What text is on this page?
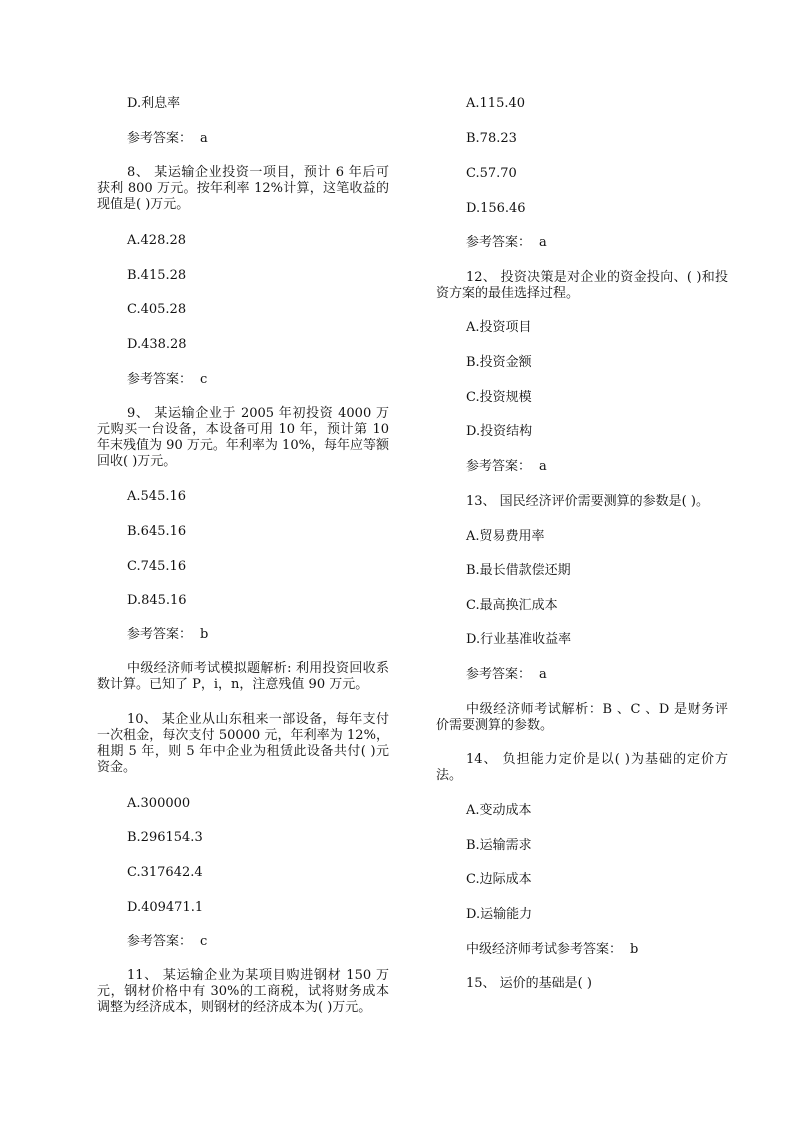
D.利息率
参考答案： a
8、 某运输企业投资一项目，预计 6 年后可获利 800 万元。按年利率 12%计算，这笔收益的现值是( )万元。
A.428.28
B.415.28
C.405.28
D.438.28
参考答案： c
9、 某运输企业于 2005 年初投资 4000 万元购买一台设备，本设备可用 10 年，预计第 10 年末残值为 90 万元。年利率为 10%，每年应等额回收( )万元。
A.545.16
B.645.16
C.745.16
D.845.16
参考答案： b
中级经济师考试模拟题解析: 利用投资回收系数计算。已知了 P，i，n，注意残值 90 万元。
10、 某企业从山东租来一部设备，每年支付一次租金，每次支付 50000 元，年利率为 12%，租期 5 年，则 5 年中企业为租赁此设备共付( )元资金。
A.300000
B.296154.3
C.317642.4
D.409471.1
参考答案： c
11、 某运输企业为某项目购进钢材 150 万元，钢材价格中有 30%的工商税，试将财务成本调整为经济成本，则钢材的经济成本为( )万元。
A.115.40
B.78.23
C.57.70
D.156.46
参考答案： a
12、 投资决策是对企业的资金投向、( )和投资方案的最佳选择过程。
A.投资项目
B.投资金额
C.投资规模
D.投资结构
参考答案： a
13、 国民经济评价需要测算的参数是( )。
A.贸易费用率
B.最长借款偿还期
C.最高换汇成本
D.行业基准收益率
参考答案： a
中级经济师考试解析：B 、C 、D 是财务评价需要测算的参数。
14、 负担能力定价是以( )为基础的定价方法。
A.变动成本
B.运输需求
C.边际成本
D.运输能力
中级经济师考试参考答案： b
15、 运价的基础是( )
